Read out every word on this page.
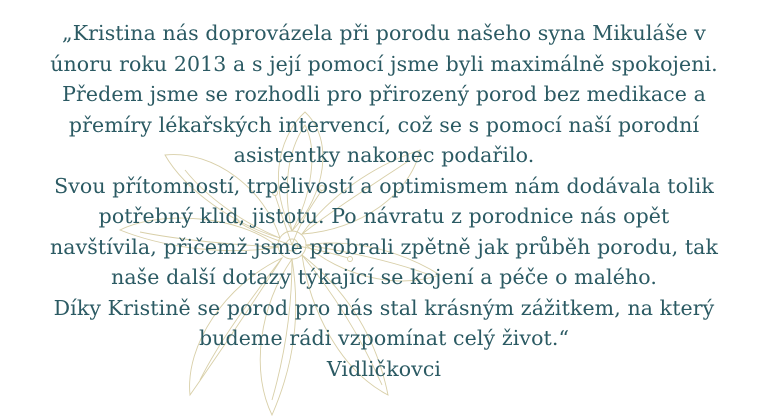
„Kristina nás doprovázela při porodu našeho syna Mikuláše v
únoru roku 2013 a s její pomocí jsme byli maximálně spokojeni.
Předem jsme se rozhodli pro přirozený porod bez medikace a
přemíry lékařských intervencí, což se s pomocí naší porodní
asistentky nakonec podařilo.
Svou přítomností, trpělivostí a optimismem nám dodávala tolik
potřebný klid, jistotu. Po návratu z porodnice nás opět
navštívila, přičemž jsme probrali zpětně jak průběh porodu, tak
naše další dotazy týkající se kojení a péče o malého.
Díky Kristině se porod pro nás stal krásným zážitkem, na který
budeme rádi vzpomínat celý život.“
Vidličkovci
